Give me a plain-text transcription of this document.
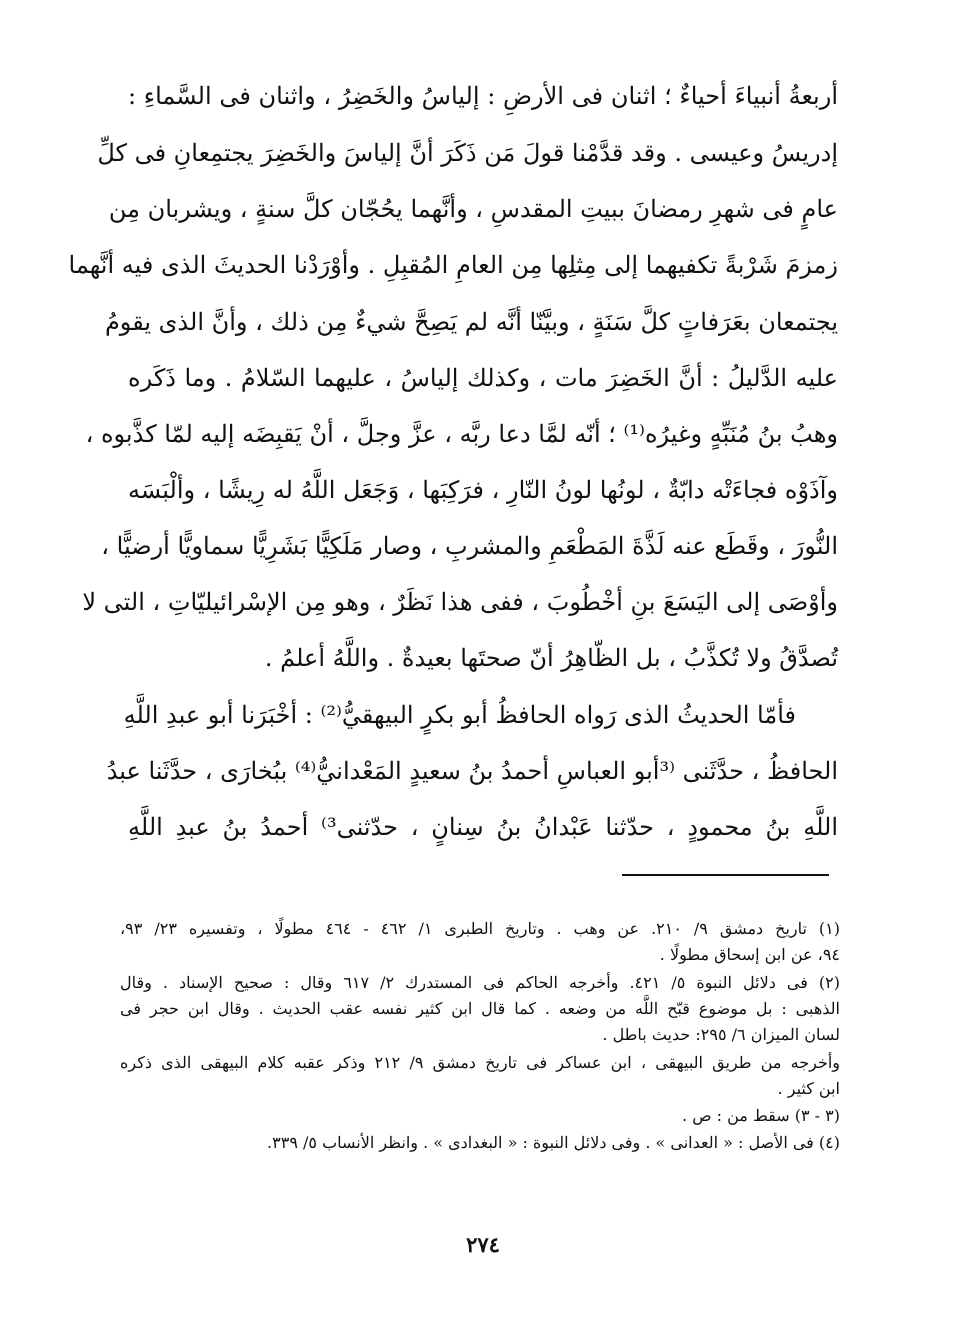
أربعةُ أنبياءَ أحياءٌ ؛ اثنان فى الأرضِ : إلياسُ والخَضِرُ ، واثنان فى السَّماءِ :
إدريسُ وعيسى . وقد قدَّمْنا قولَ مَن ذَكَرَ أنَّ إلياسَ والخَضِرَ يجتمِعانِ فى كلِّ
عامٍ فى شهرِ رمضانَ ببيتِ المقدسِ ، وأنَّهما يحُجّان كلَّ سنةٍ ، ويشربان مِن
زمزمَ شَرْبةً تكفيهما إلى مِثلِها مِن العامِ المُقبِلِ . وأوْرَدْنا الحديثَ الذى فيه أنَّهما
يجتمعان بعَرَفاتٍ كلَّ سَنَةٍ ، وبيَّنّا أنَّه لم يَصِحَّ شيءٌ مِن ذلك ، وأنَّ الذى يقومُ
عليه الدَّليلُ : أنَّ الخَضِرَ مات ، وكذلك إلياسُ ، عليهما السّلامُ . وما ذَكَره
وهبُ بنُ مُنَبِّهٍ وغيرُه⁽¹⁾ ؛ أنّه لمَّا دعا ربَّه ، عزَّ وجلَّ ، أنْ يَقبِضَه إليه لمّا كذَّبوه ،
وآذَوْه فجاءَتْه دابّةٌ ، لونُها لونُ النّارِ ، فرَكِبَها ، وَجَعَل اللَّهُ له رِيشًا ، وألْبَسَه
النُّورَ ، وقَطَع عنه لَذَّةَ المَطْعَمِ والمشربِ ، وصار مَلَكِيًّا بَشَرِيًّا سماويًّا أرضيًّا ،
وأوْصَى إلى اليَسَعَ بنِ أخْطُوبَ ، ففى هذا نَظَرٌ ، وهو مِن الإسْرائيليّاتِ ، التى لا
تُصدَّقُ ولا تُكذَّبُ ، بل الظّاهِرُ أنّ صحتَها بعيدةٌ . واللَّهُ أعلمُ .
فأمّا الحديثُ الذى رَواه الحافظُ أبو بكرٍ البيهقيُّ⁽²⁾ : أخْبَرَنا أبو عبدِ اللَّهِ
الحافظُ ، حدَّثَنى ⁽³أبو العباسِ أحمدُ بنُ سعيدٍ المَعْدانيُّ⁽⁴⁾ ببُخارَى ، حدَّثَنا عبدُ
اللَّهِ بنُ محمودٍ ، حدّثنا عَبْدانُ بنُ سِنانٍ ، حدّثنى³⁾ أحمدُ بنُ عبدِ اللَّهِ
(١) تاريخ دمشق ٩/ ٢١٠. عن وهب . وتاريخ الطبرى ١/ ٤٦٢ - ٤٦٤ مطولًا ، وتفسيره ٢٣/ ٩٣،
٩٤، عن ابن إسحاق مطولًا .
(٢) فى دلائل النبوة ٥/ ٤٢١. وأخرجه الحاكم فى المستدرك ٢/ ٦١٧ وقال : صحيح الإسناد . وقال
الذهبى : بل موضوع قبّح اللَّه من وضعه . كما قال ابن كثير نفسه عقب الحديث . وقال ابن حجر فى
لسان الميزان ٦/ ٢٩٥: حديث باطل .
وأخرجه من طريق البيهقى ، ابن عساكر فى تاريخ دمشق ٩/ ٢١٢ وذكر عقبه كلام البيهقى الذى ذكره
ابن كثير .
(٣ - ٣) سقط من : ص .
(٤) فى الأصل : « العدانى » . وفى دلائل النبوة : « البغدادى » . وانظر الأنساب ٥/ ٣٣٩.
٢٧٤
